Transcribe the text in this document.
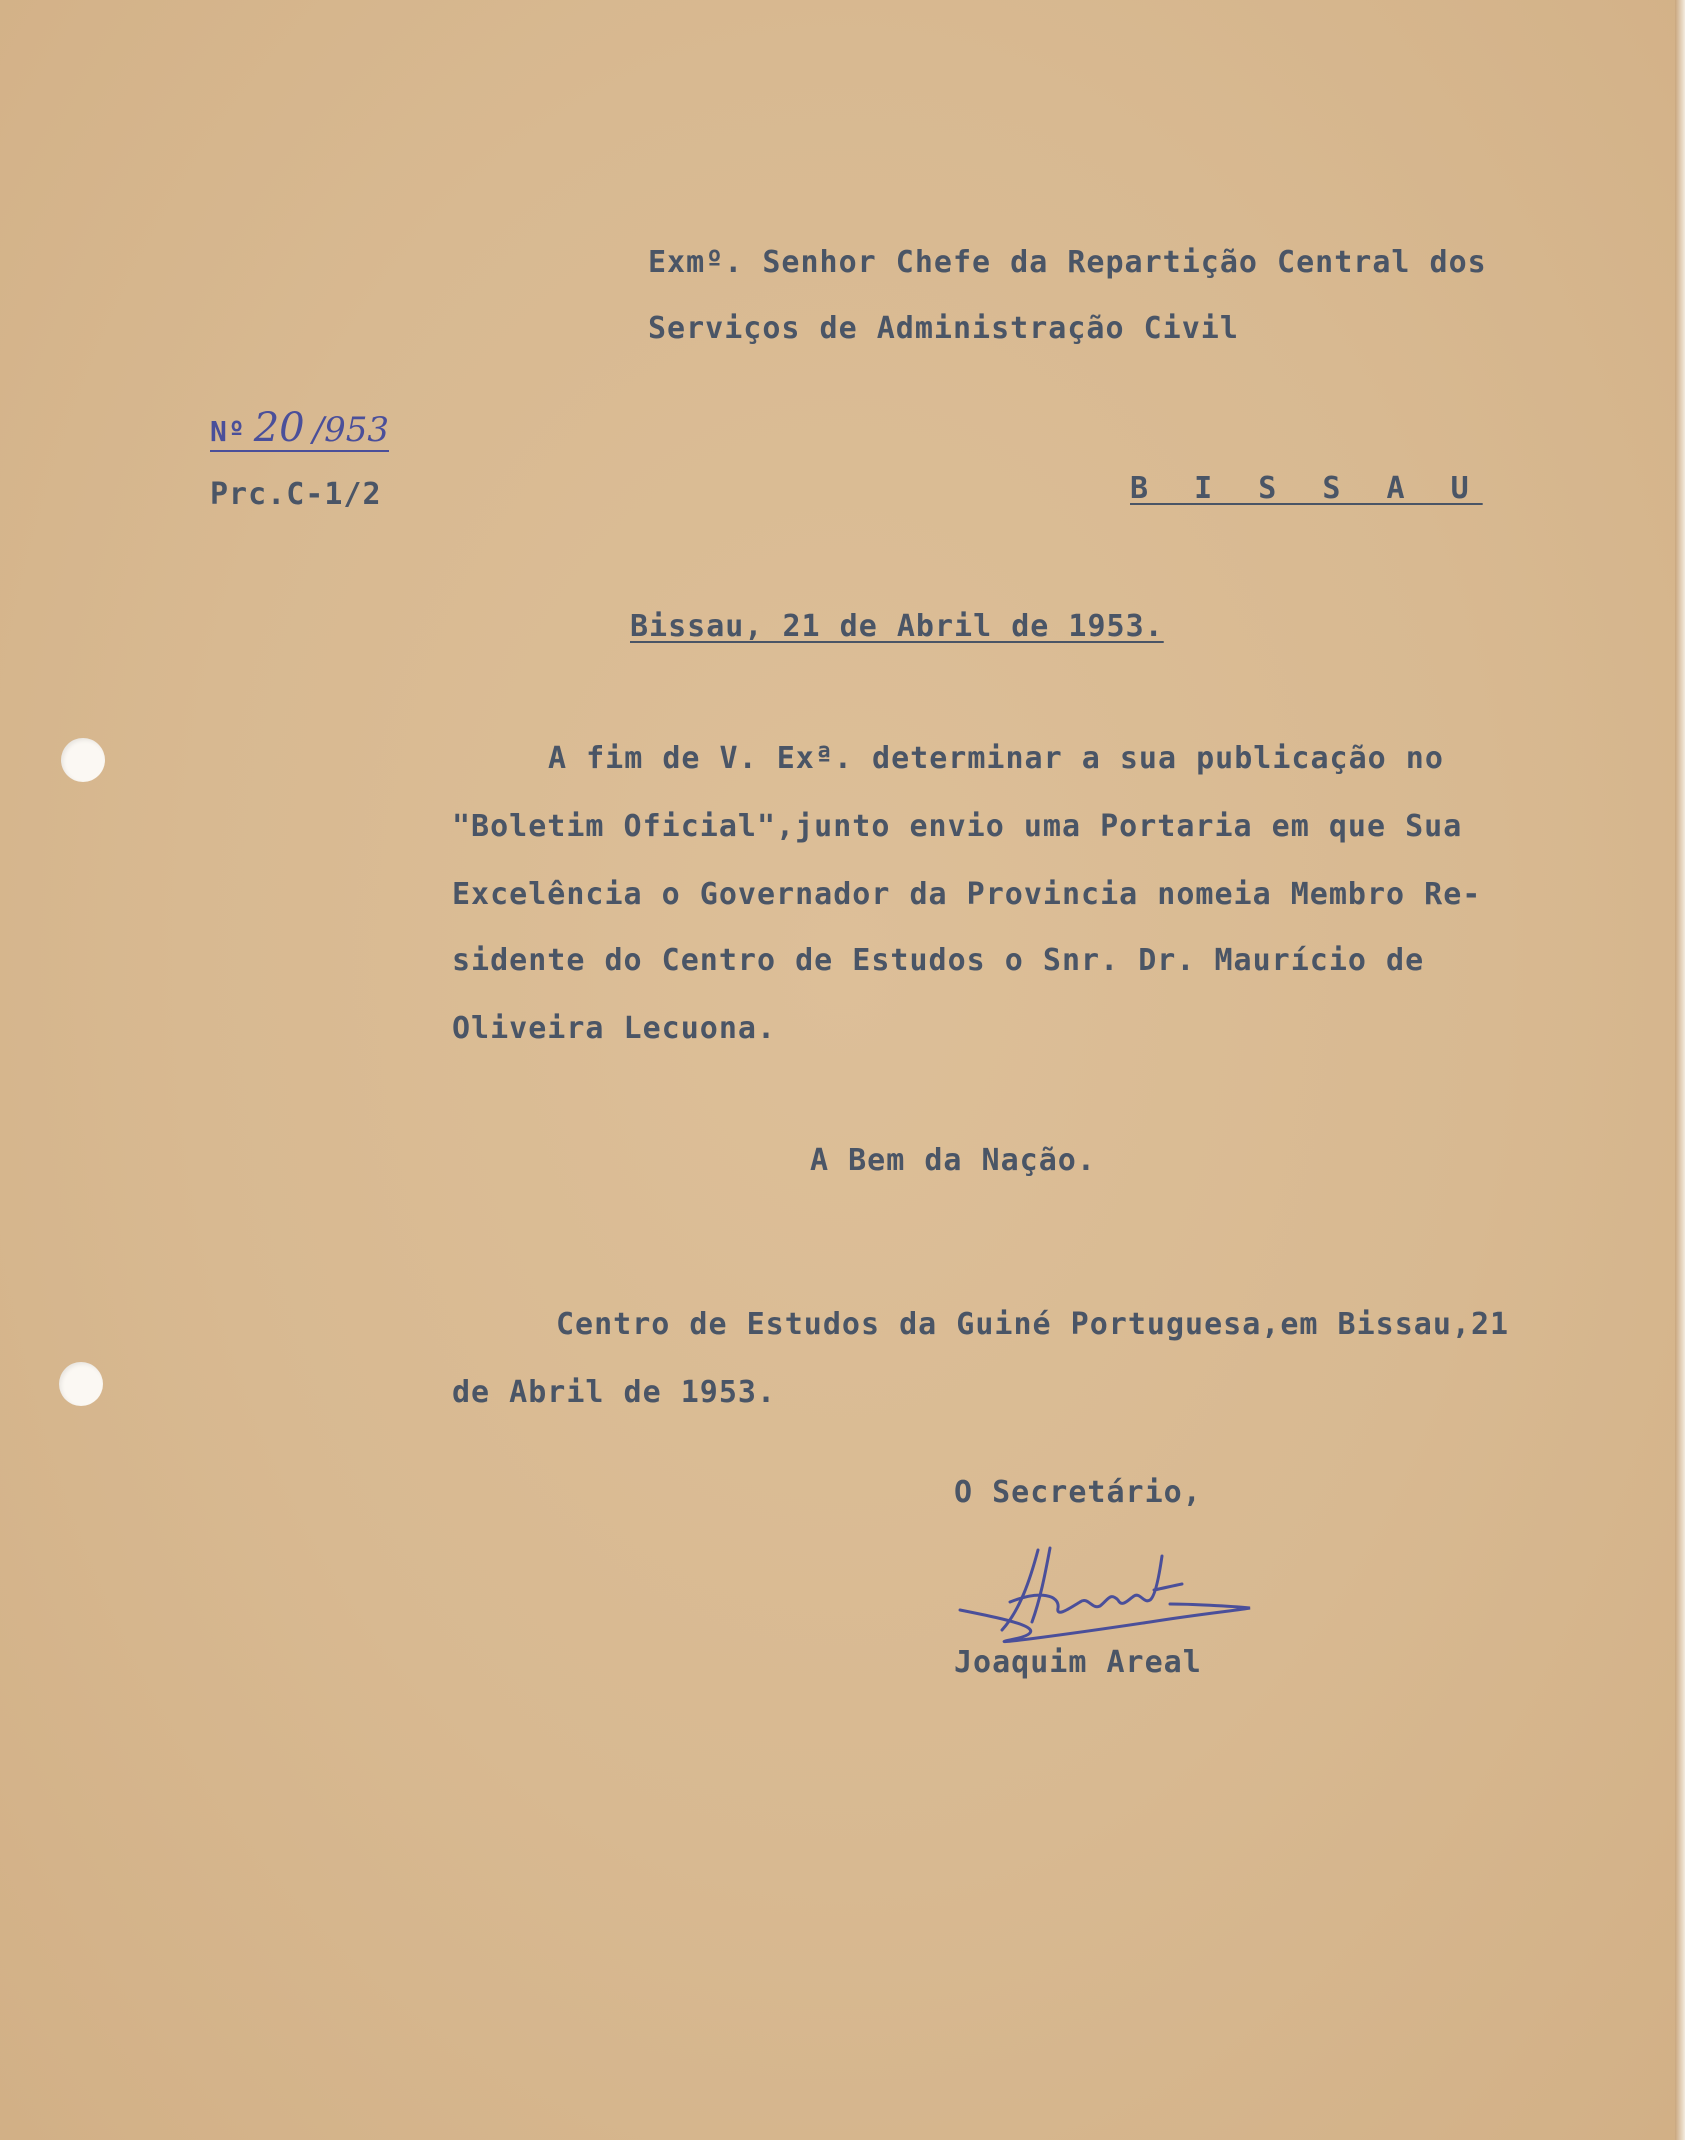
Exmº. Senhor Chefe da Repartição Central dos
Serviços de Administração Civil
Nº 20 /953
Prc.C-1/2	B I S S A U
Bissau, 21 de Abril de 1953.
A fim de V. Exª. determinar a sua publicação no
"Boletim Oficial",junto envio uma Portaria em que Sua
Excelência o Governador da Provincia nomeia Membro Re-
sidente do Centro de Estudos o Snr. Dr. Maurício de
Oliveira Lecuona.
A Bem da Nação.
Centro de Estudos da Guiné Portuguesa,em Bissau,21
de Abril de 1953.
O Secretário,
Joaquim Areal
